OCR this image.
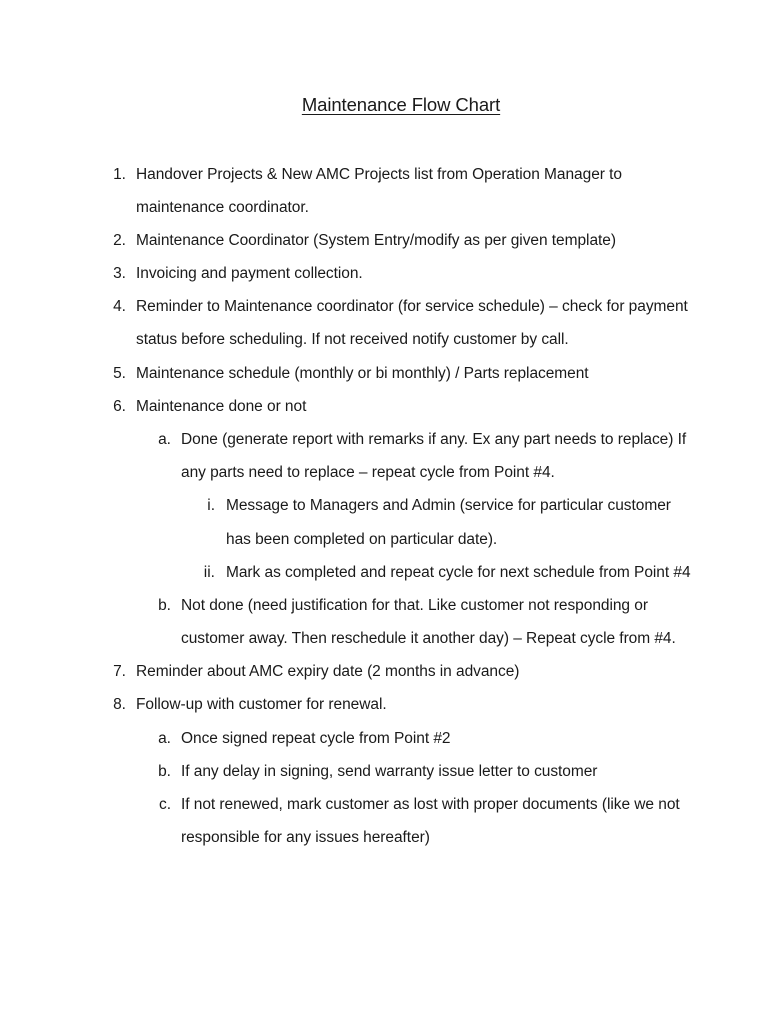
Maintenance Flow Chart
1. Handover Projects & New AMC Projects list from Operation Manager to
maintenance coordinator.
2. Maintenance Coordinator (System Entry/modify as per given template)
3. Invoicing and payment collection.
4. Reminder to Maintenance coordinator (for service schedule) – check for payment
status before scheduling. If not received notify customer by call.
5. Maintenance schedule (monthly or bi monthly) / Parts replacement
6. Maintenance done or not
a. Done (generate report with remarks if any. Ex any part needs to replace) If
any parts need to replace – repeat cycle from Point #4.
i. Message to Managers and Admin (service for particular customer
has been completed on particular date).
ii. Mark as completed and repeat cycle for next schedule from Point #4
b. Not done (need justification for that. Like customer not responding or
customer away. Then reschedule it another day) – Repeat cycle from #4.
7. Reminder about AMC expiry date (2 months in advance)
8. Follow-up with customer for renewal.
a. Once signed repeat cycle from Point #2
b. If any delay in signing, send warranty issue letter to customer
c. If not renewed, mark customer as lost with proper documents (like we not
responsible for any issues hereafter)
